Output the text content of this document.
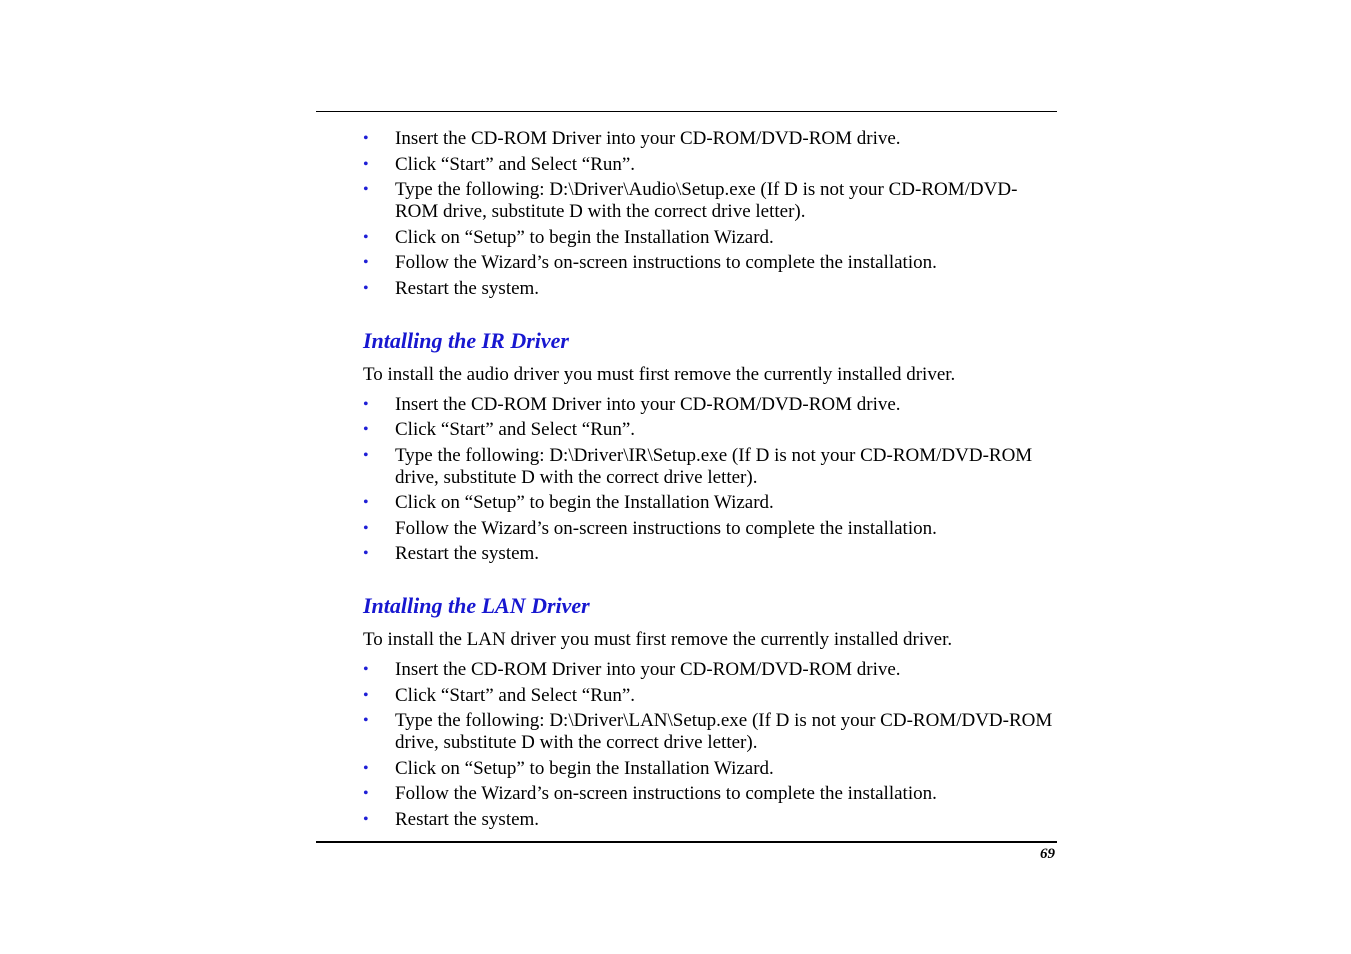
• Insert the CD-ROM Driver into your CD-ROM/DVD-ROM drive.
• Click “Start” and Select “Run”.
• Type the following: D:\Driver\Audio\Setup.exe (If D is not your CD-ROM/DVD-ROM drive, substitute D with the correct drive letter).
• Click on “Setup” to begin the Installation Wizard.
• Follow the Wizard’s on-screen instructions to complete the installation.
• Restart the system.
Intalling the IR Driver

To install the audio driver you must first remove the currently installed driver.

• Insert the CD-ROM Driver into your CD-ROM/DVD-ROM drive.
• Click “Start” and Select “Run”.
• Type the following: D:\Driver\IR\Setup.exe (If D is not your CD-ROM/DVD-ROM drive, substitute D with the correct drive letter).
• Click on “Setup” to begin the Installation Wizard.
• Follow the Wizard’s on-screen instructions to complete the installation.
• Restart the system.
Intalling the LAN Driver

To install the LAN driver you must first remove the currently installed driver.

• Insert the CD-ROM Driver into your CD-ROM/DVD-ROM drive.
• Click “Start” and Select “Run”.
• Type the following: D:\Driver\LAN\Setup.exe (If D is not your CD-ROM/DVD-ROM drive, substitute D with the correct drive letter).
• Click on “Setup” to begin the Installation Wizard.
• Follow the Wizard’s on-screen instructions to complete the installation.
• Restart the system.
69
